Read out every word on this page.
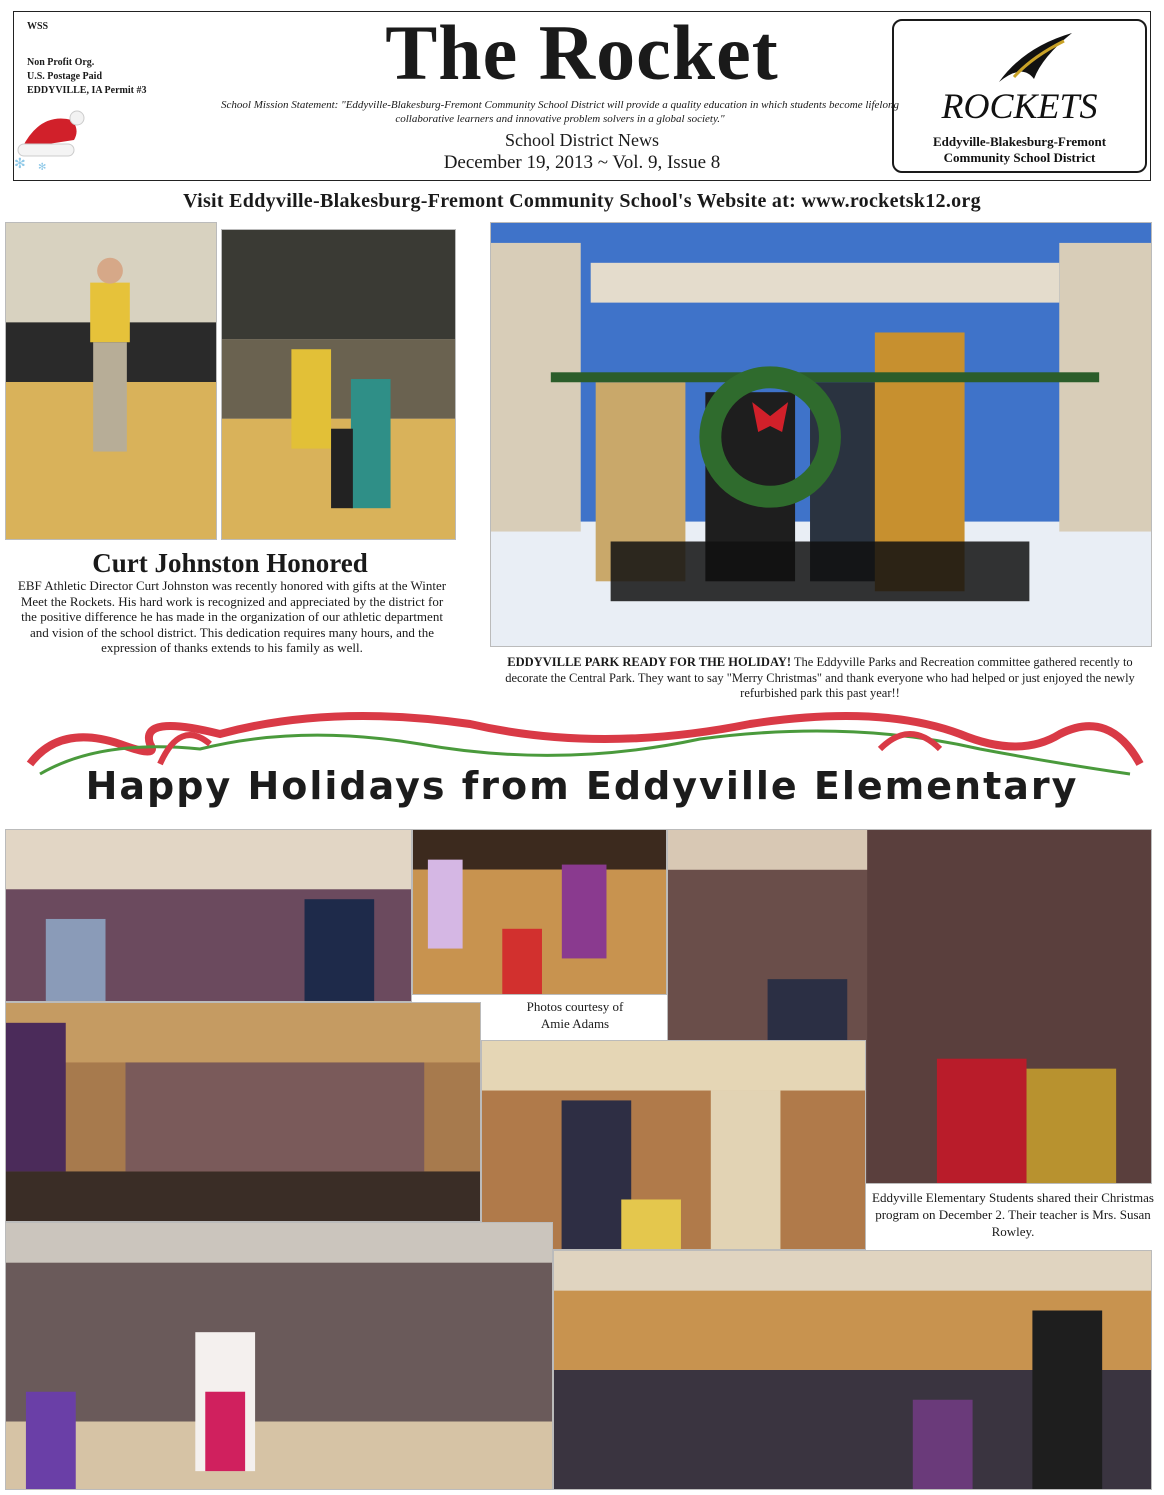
WSS
Non Profit Org.
U.S. Postage Paid
EDDYVILLE, IA Permit #3
✻ ✻
The Rocket
School Mission Statement: "Eddyville-Blakesburg-Fremont Community School District will provide a quality education in which students become lifelong collaborative learners and innovative problem solvers in a global society."
School District News
December 19, 2013 ~ Vol. 9, Issue 8
ROCKETS
Eddyville-Blakesburg-Fremont
Community School District
Visit Eddyville-Blakesburg-Fremont Community School's Website at: www.rocketsk12.org
Curt Johnston Honored
EBF Athletic Director Curt Johnston was recently honored with gifts at the Winter Meet the Rockets. His hard work is recognized and appreciated by the district for the positive difference he has made in the organization of our athletic department and vision of the school district. This dedication requires many hours, and the expression of thanks extends to his family as well.
EDDYVILLE PARK READY FOR THE HOLIDAY! The Eddyville Parks and Recreation committee gathered recently to decorate the Central Park. They want to say "Merry Christmas" and thank everyone who had helped or just enjoyed the newly refurbished park this past year!!
Happy Holidays from Eddyville Elementary
Photos courtesy of
Amie Adams
Eddyville Elementary Students shared their Christmas program on December 2. Their teacher is Mrs. Susan Rowley.
